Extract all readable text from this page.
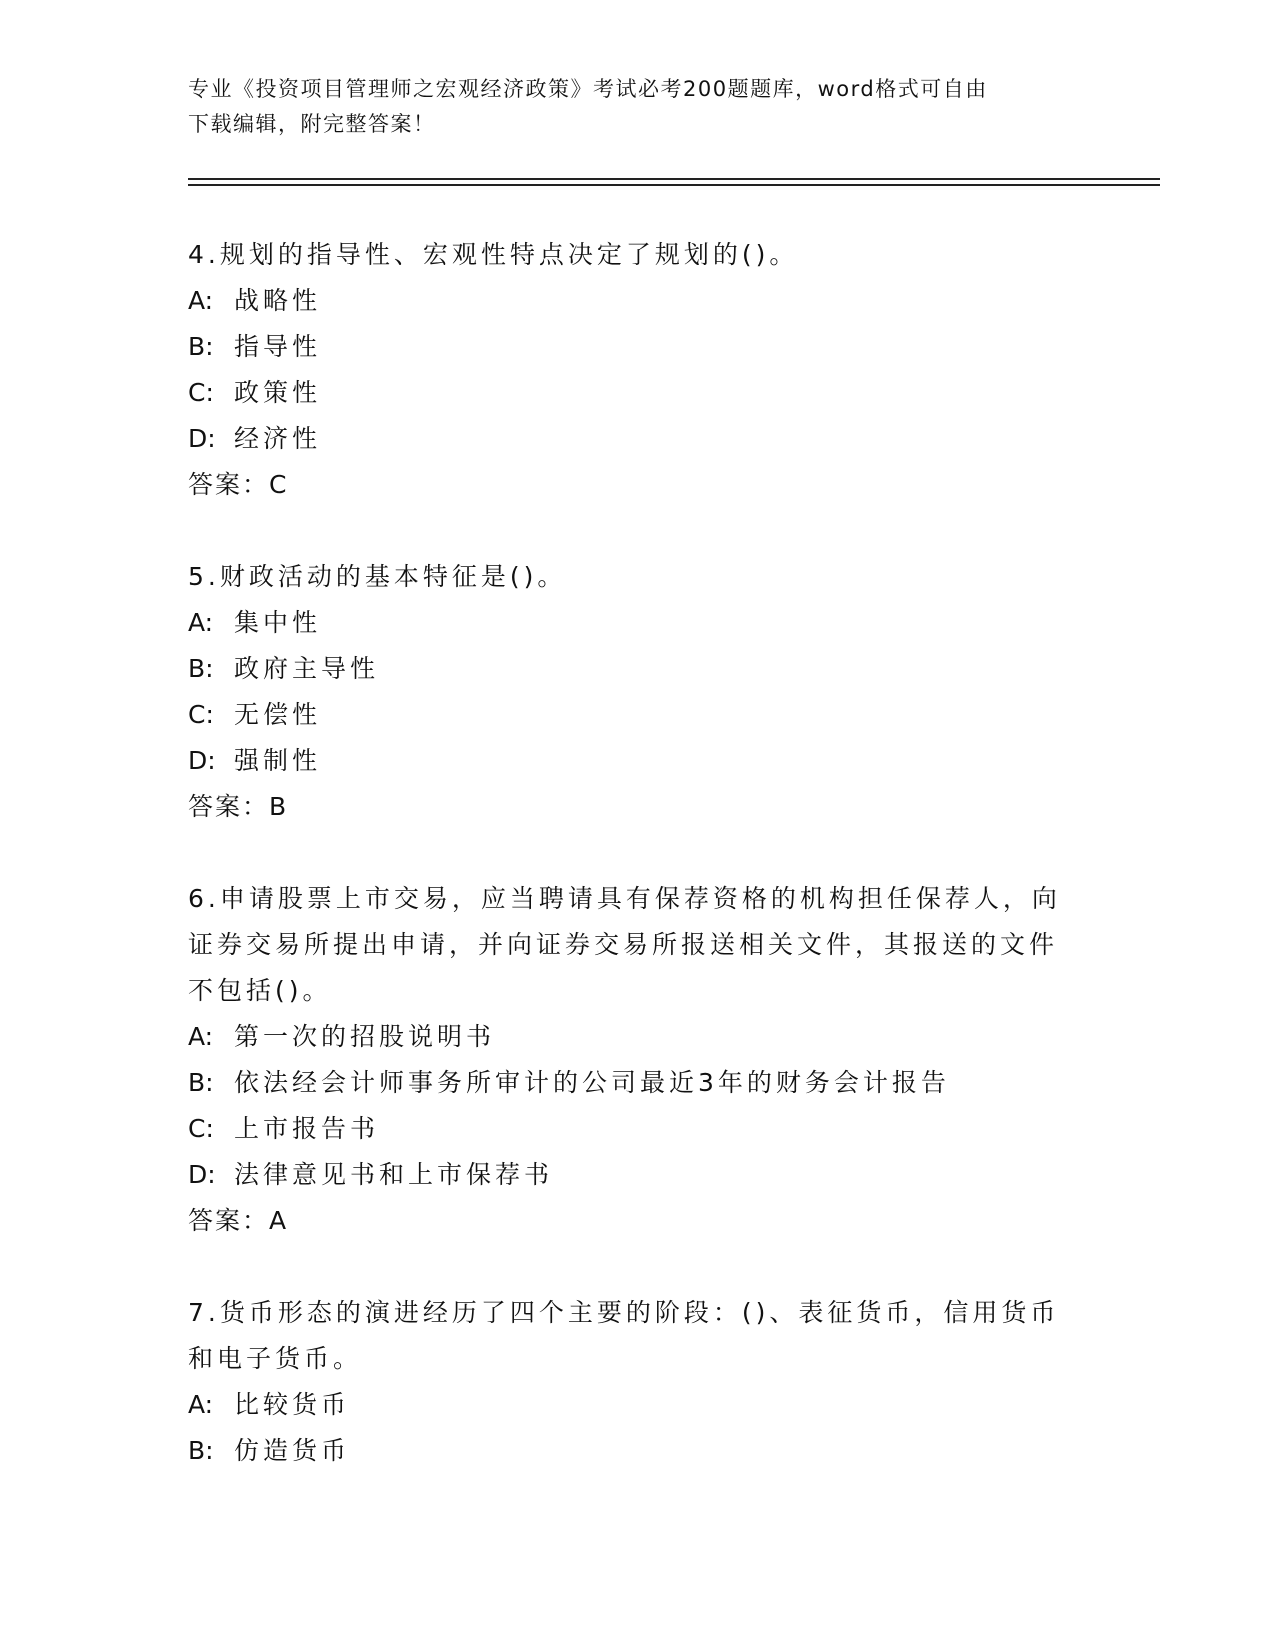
专业《投资项目管理师之宏观经济政策》考试必考200题题库，word格式可自由
下载编辑，附完整答案！
4.规划的指导性、宏观性特点决定了规划的()。
A: 战略性
B: 指导性
C: 政策性
D: 经济性
答案：C
5.财政活动的基本特征是()。
A: 集中性
B: 政府主导性
C: 无偿性
D: 强制性
答案：B
6.申请股票上市交易，应当聘请具有保荐资格的机构担任保荐人，向
证券交易所提出申请，并向证券交易所报送相关文件，其报送的文件
不包括()。
A: 第一次的招股说明书
B: 依法经会计师事务所审计的公司最近3年的财务会计报告
C: 上市报告书
D: 法律意见书和上市保荐书
答案：A
7.货币形态的演进经历了四个主要的阶段：()、表征货币，信用货币
和电子货币。
A: 比较货币
B: 仿造货币
